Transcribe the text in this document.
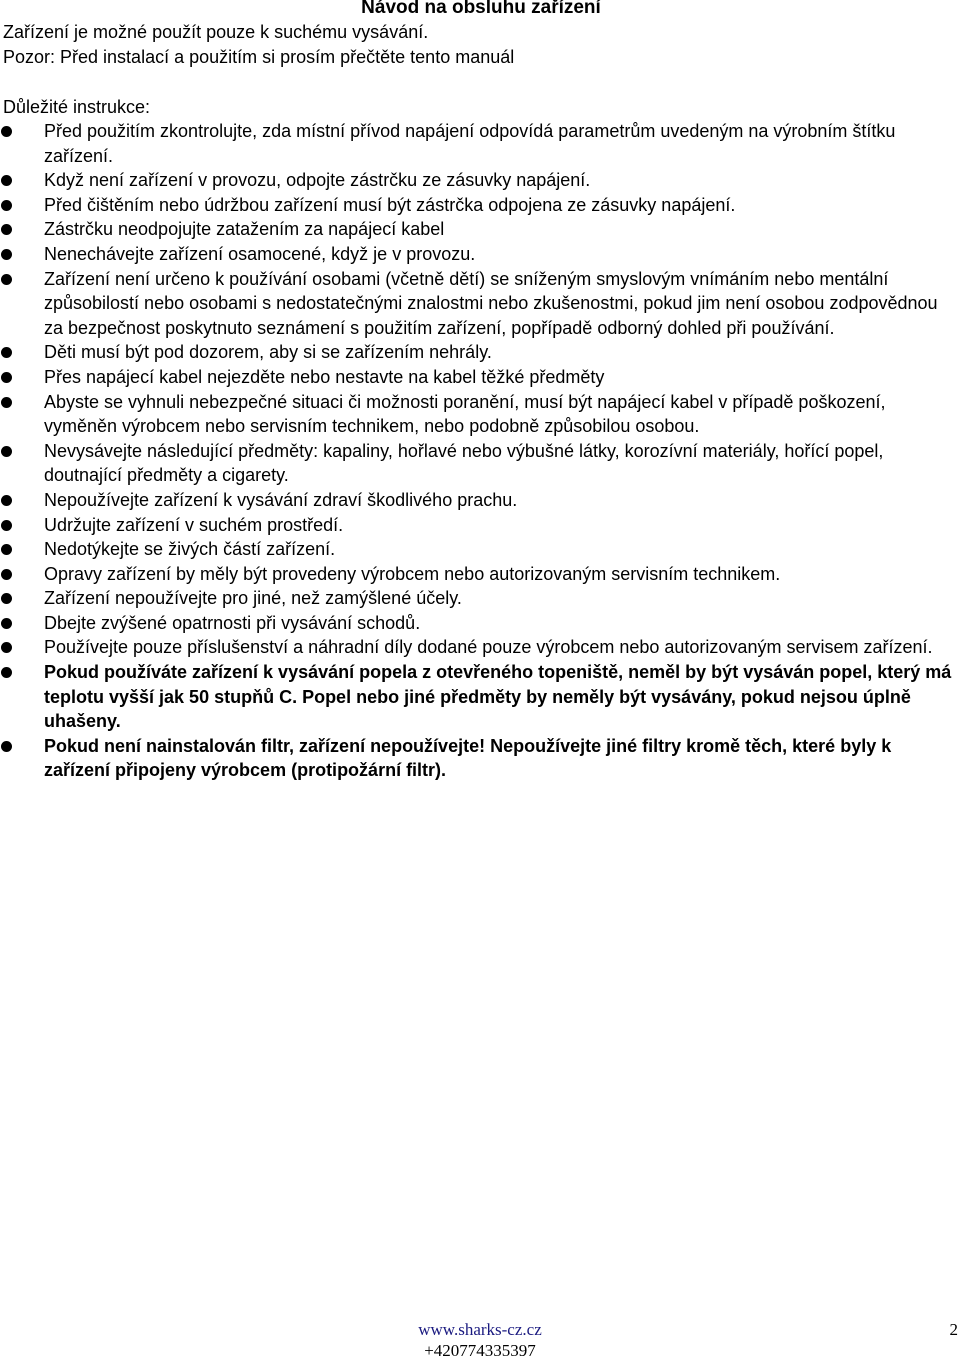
Návod na obsluhu zařízení
Zařízení je možné použít pouze k suchému vysávání.
Pozor: Před instalací a použitím si prosím přečtěte tento manuál
Důležité instrukce:
Před použitím zkontrolujte, zda místní přívod napájení odpovídá parametrům uvedeným na výrobním štítku zařízení.
Když není zařízení v provozu, odpojte zástrčku ze zásuvky napájení.
Před čištěním nebo údržbou zařízení musí být zástrčka odpojena ze zásuvky napájení.
Zástrčku neodpojujte zatažením za napájecí kabel
Nenechávejte zařízení osamocené, když je v provozu.
Zařízení není určeno k používání osobami (včetně dětí) se sníženým smyslovým vnímáním nebo mentální způsobilostí nebo osobami s nedostatečnými znalostmi nebo zkušenostmi, pokud jim není osobou zodpovědnou za bezpečnost poskytnuto seznámení s použitím zařízení, popřípadě odborný dohled při používání.
Děti musí být pod dozorem, aby si se zařízením nehrály.
Přes napájecí kabel nejezděte nebo nestavte na kabel těžké předměty
Abyste se vyhnuli nebezpečné situaci či možnosti poranění, musí být napájecí kabel v případě poškození, vyměněn výrobcem nebo servisním technikem, nebo podobně způsobilou osobou.
Nevysávejte následující předměty: kapaliny, hořlavé nebo výbušné látky, korozívní materiály, hořící popel, doutnající předměty a cigarety.
Nepoužívejte zařízení k vysávání zdraví škodlivého prachu.
Udržujte zařízení v suchém prostředí.
Nedotýkejte se živých částí zařízení.
Opravy zařízení by měly být provedeny výrobcem nebo autorizovaným servisním technikem.
Zařízení nepoužívejte pro jiné, než zamýšlené účely.
Dbejte zvýšené opatrnosti při vysávání schodů.
Používejte pouze příslušenství a náhradní díly dodané pouze výrobcem nebo autorizovaným servisem zařízení.
Pokud používáte zařízení k vysávání popela z otevřeného topeniště, neměl by být vysáván popel, který má teplotu vyšší jak 50 stupňů C. Popel nebo jiné předměty by neměly být vysávány, pokud nejsou úplně uhašeny.
Pokud není nainstalován filtr, zařízení nepoužívejte! Nepoužívejte jiné filtry kromě těch, které byly k zařízení připojeny výrobcem (protipožární filtr).
www.sharks-cz.cz
+420774335397
2
